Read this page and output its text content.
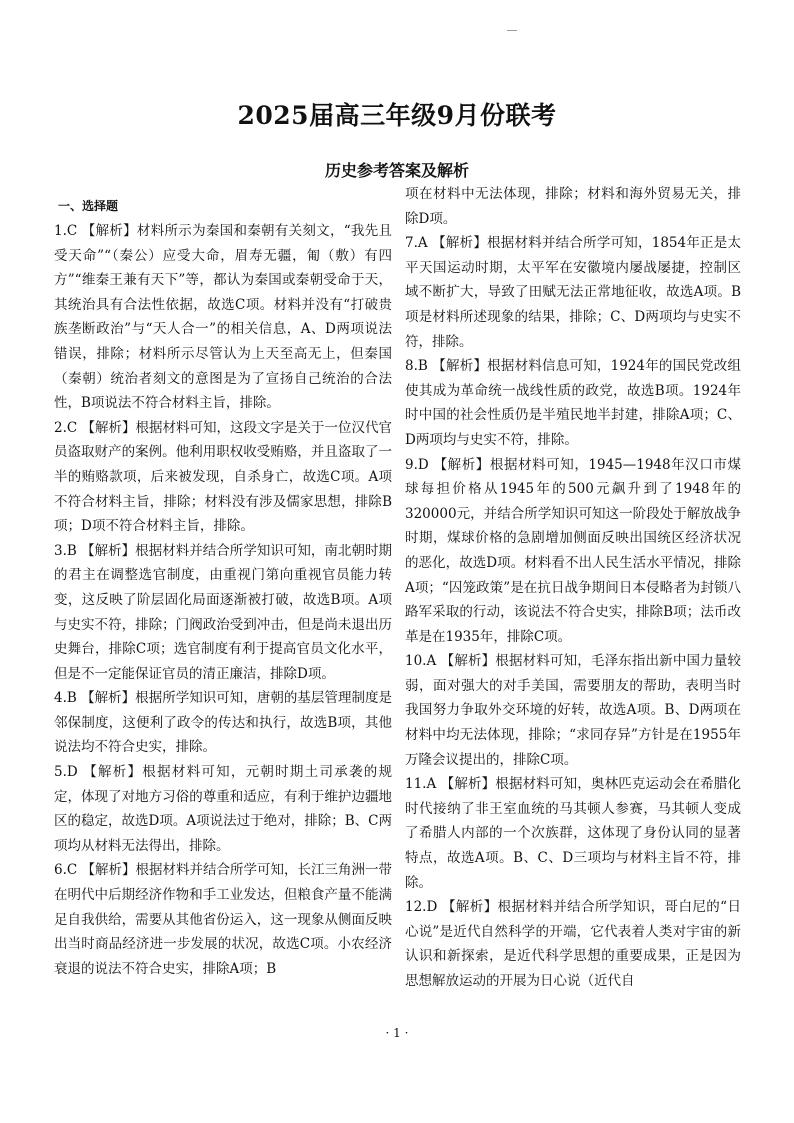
2025届高三年级9月份联考
历史参考答案及解析
一、选择题

1.C 【解析】材料所示为秦国和秦朝有关刻文，“我先且受天命”“（秦公）应受大命，眉寿无疆，匍（敷）有四方”“维秦王兼有天下”等，都认为秦国或秦朝受命于天，其统治具有合法性依据，故选C项。材料并没有“打破贵族垄断政治”与“天人合一”的相关信息，A、D两项说法错误，排除；材料所示尽管认为上天至高无上，但秦国（秦朝）统治者刻文的意图是为了宣扬自己统治的合法性，B项说法不符合材料主旨，排除。

2.C 【解析】根据材料可知，这段文字是关于一位汉代官员盗取财产的案例。他利用职权收受贿赂，并且盗取了一半的贿赂款项，后来被发现，自杀身亡，故选C项。A项不符合材料主旨，排除；材料没有涉及儒家思想，排除B项；D项不符合材料主旨，排除。

3.B 【解析】根据材料并结合所学知识可知，南北朝时期的君主在调整选官制度，由重视门第向重视官员能力转变，这反映了阶层固化局面逐渐被打破，故选B项。A项与史实不符，排除；门阀政治受到冲击，但是尚未退出历史舞台，排除C项；选官制度有利于提高官员文化水平，但是不一定能保证官员的清正廉洁，排除D项。

4.B 【解析】根据所学知识可知，唐朝的基层管理制度是邻保制度，这便利了政令的传达和执行，故选B项，其他说法均不符合史实，排除。

5.D 【解析】根据材料可知，元朝时期土司承袭的规定，体现了对地方习俗的尊重和适应，有利于维护边疆地区的稳定，故选D项。A项说法过于绝对，排除；B、C两项均从材料无法得出，排除。

6.C 【解析】根据材料并结合所学可知，长江三角洲一带在明代中后期经济作物和手工业发达，但粮食产量不能满足自我供给，需要从其他省份运入，这一现象从侧面反映出当时商品经济进一步发展的状况，故选C项。小农经济衰退的说法不符合史实，排除A项；B

项在材料中无法体现，排除；材料和海外贸易无关，排除D项。

7.A 【解析】根据材料并结合所学可知，1854年正是太平天国运动时期，太平军在安徽境内屡战屡捷，控制区域不断扩大，导致了田赋无法正常地征收，故选A项。B项是材料所述现象的结果，排除；C、D两项均与史实不符，排除。

8.B 【解析】根据材料信息可知，1924年的国民党改组使其成为革命统一战线性质的政党，故选B项。1924年时中国的社会性质仍是半殖民地半封建，排除A项；C、D两项均与史实不符，排除。

9.D 【解析】根据材料可知，1945—1948年汉口市煤球每担价格从1945年的500元飙升到了1948年的320000元，并结合所学知识可知这一阶段处于解放战争时期，煤球价格的急剧增加侧面反映出国统区经济状况的恶化，故选D项。材料看不出人民生活水平情况，排除A项；“囚笼政策”是在抗日战争期间日本侵略者为封锁八路军采取的行动，该说法不符合史实，排除B项；法币改革是在1935年，排除C项。

10.A 【解析】根据材料可知，毛泽东指出新中国力量较弱，面对强大的对手美国，需要朋友的帮助，表明当时我国努力争取外交环境的好转，故选A项。B、D两项在材料中均无法体现，排除；“求同存异”方针是在1955年万隆会议提出的，排除C项。

11.A 【解析】根据材料可知，奥林匹克运动会在希腊化时代接纳了非王室血统的马其顿人参赛，马其顿人变成了希腊人内部的一个次族群，这体现了身份认同的显著特点，故选A项。B、C、D三项均与材料主旨不符，排除。

12.D 【解析】根据材料并结合所学知识，哥白尼的“日心说”是近代自然科学的开端，它代表着人类对宇宙的新认识和新探索，是近代科学思想的重要成果，正是因为思想解放运动的开展为日心说（近代自

· 1 ·
